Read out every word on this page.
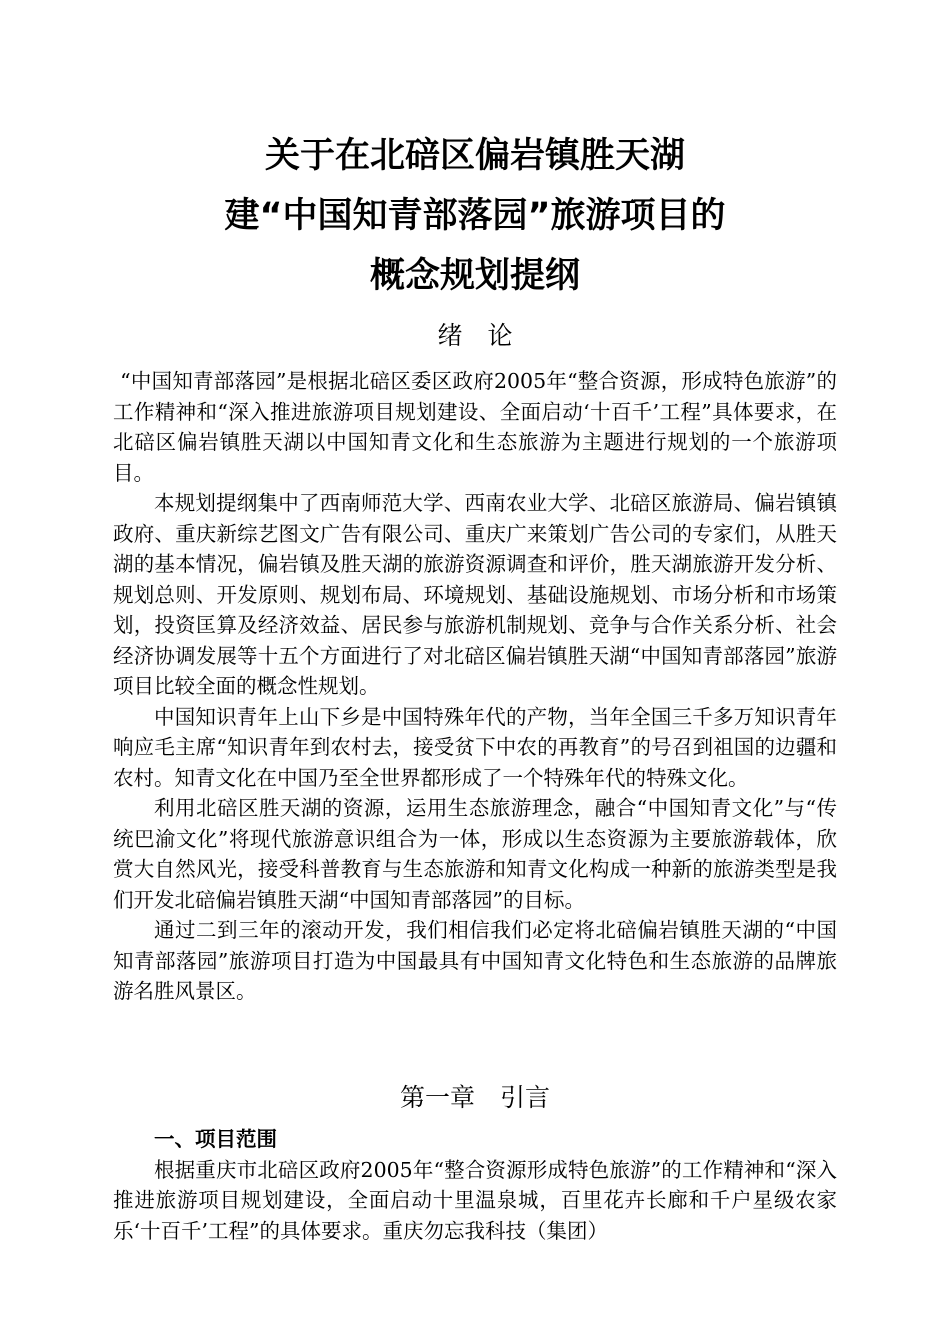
关于在北碚区偏岩镇胜天湖
建“中国知青部落园”旅游项目的
概念规划提纲
绪　论

“中国知青部落园”是根据北碚区委区政府2005年“整合资源，形成特色旅游”的工作精神和“深入推进旅游项目规划建设、全面启动‘十百千’工程”具体要求，在北碚区偏岩镇胜天湖以中国知青文化和生态旅游为主题进行规划的一个旅游项目。

本规划提纲集中了西南师范大学、西南农业大学、北碚区旅游局、偏岩镇镇政府、重庆新综艺图文广告有限公司、重庆广来策划广告公司的专家们，从胜天湖的基本情况，偏岩镇及胜天湖的旅游资源调查和评价，胜天湖旅游开发分析、规划总则、开发原则、规划布局、环境规划、基础设施规划、市场分析和市场策划，投资匡算及经济效益、居民参与旅游机制规划、竞争与合作关系分析、社会经济协调发展等十五个方面进行了对北碚区偏岩镇胜天湖“中国知青部落园”旅游项目比较全面的概念性规划。

中国知识青年上山下乡是中国特殊年代的产物，当年全国三千多万知识青年响应毛主席“知识青年到农村去，接受贫下中农的再教育”的号召到祖国的边疆和农村。知青文化在中国乃至全世界都形成了一个特殊年代的特殊文化。

利用北碚区胜天湖的资源，运用生态旅游理念，融合“中国知青文化”与“传统巴渝文化”将现代旅游意识组合为一体，形成以生态资源为主要旅游载体，欣赏大自然风光，接受科普教育与生态旅游和知青文化构成一种新的旅游类型是我们开发北碚偏岩镇胜天湖“中国知青部落园”的目标。

通过二到三年的滚动开发，我们相信我们必定将北碚偏岩镇胜天湖的“中国知青部落园”旅游项目打造为中国最具有中国知青文化特色和生态旅游的品牌旅游名胜风景区。

第一章　引言

一、项目范围

根据重庆市北碚区政府2005年“整合资源形成特色旅游”的工作精神和“深入推进旅游项目规划建设，全面启动十里温泉城，百里花卉长廊和千户星级农家乐‘十百千’工程”的具体要求。重庆勿忘我科技（集团）
